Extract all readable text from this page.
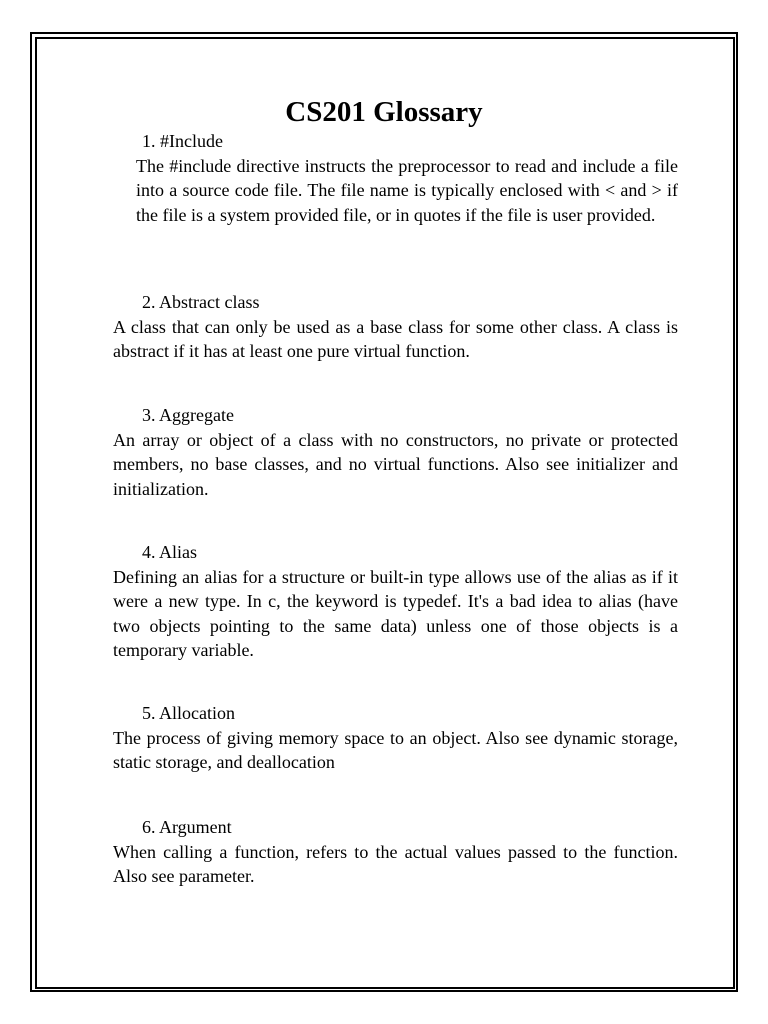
CS201 Glossary

1. #Include

The #include directive instructs the preprocessor to read and include a file into a source code file. The file name is typically enclosed with < and > if the file is a system provided file, or in quotes if the file is user provided.

2. Abstract class

A class that can only be used as a base class for some other class. A class is abstract if it has at least one pure virtual function.

3. Aggregate

An array or object of a class with no constructors, no private or protected members, no base classes, and no virtual functions. Also see initializer and initialization.

4. Alias

Defining an alias for a structure or built-in type allows use of the alias as if it were a new type. In c, the keyword is typedef. It's a bad idea to alias (have two objects pointing to the same data) unless one of those objects is a temporary variable.

5. Allocation

The process of giving memory space to an object. Also see dynamic storage, static storage, and deallocation

6. Argument

When calling a function, refers to the actual values passed to the function. Also see parameter.
